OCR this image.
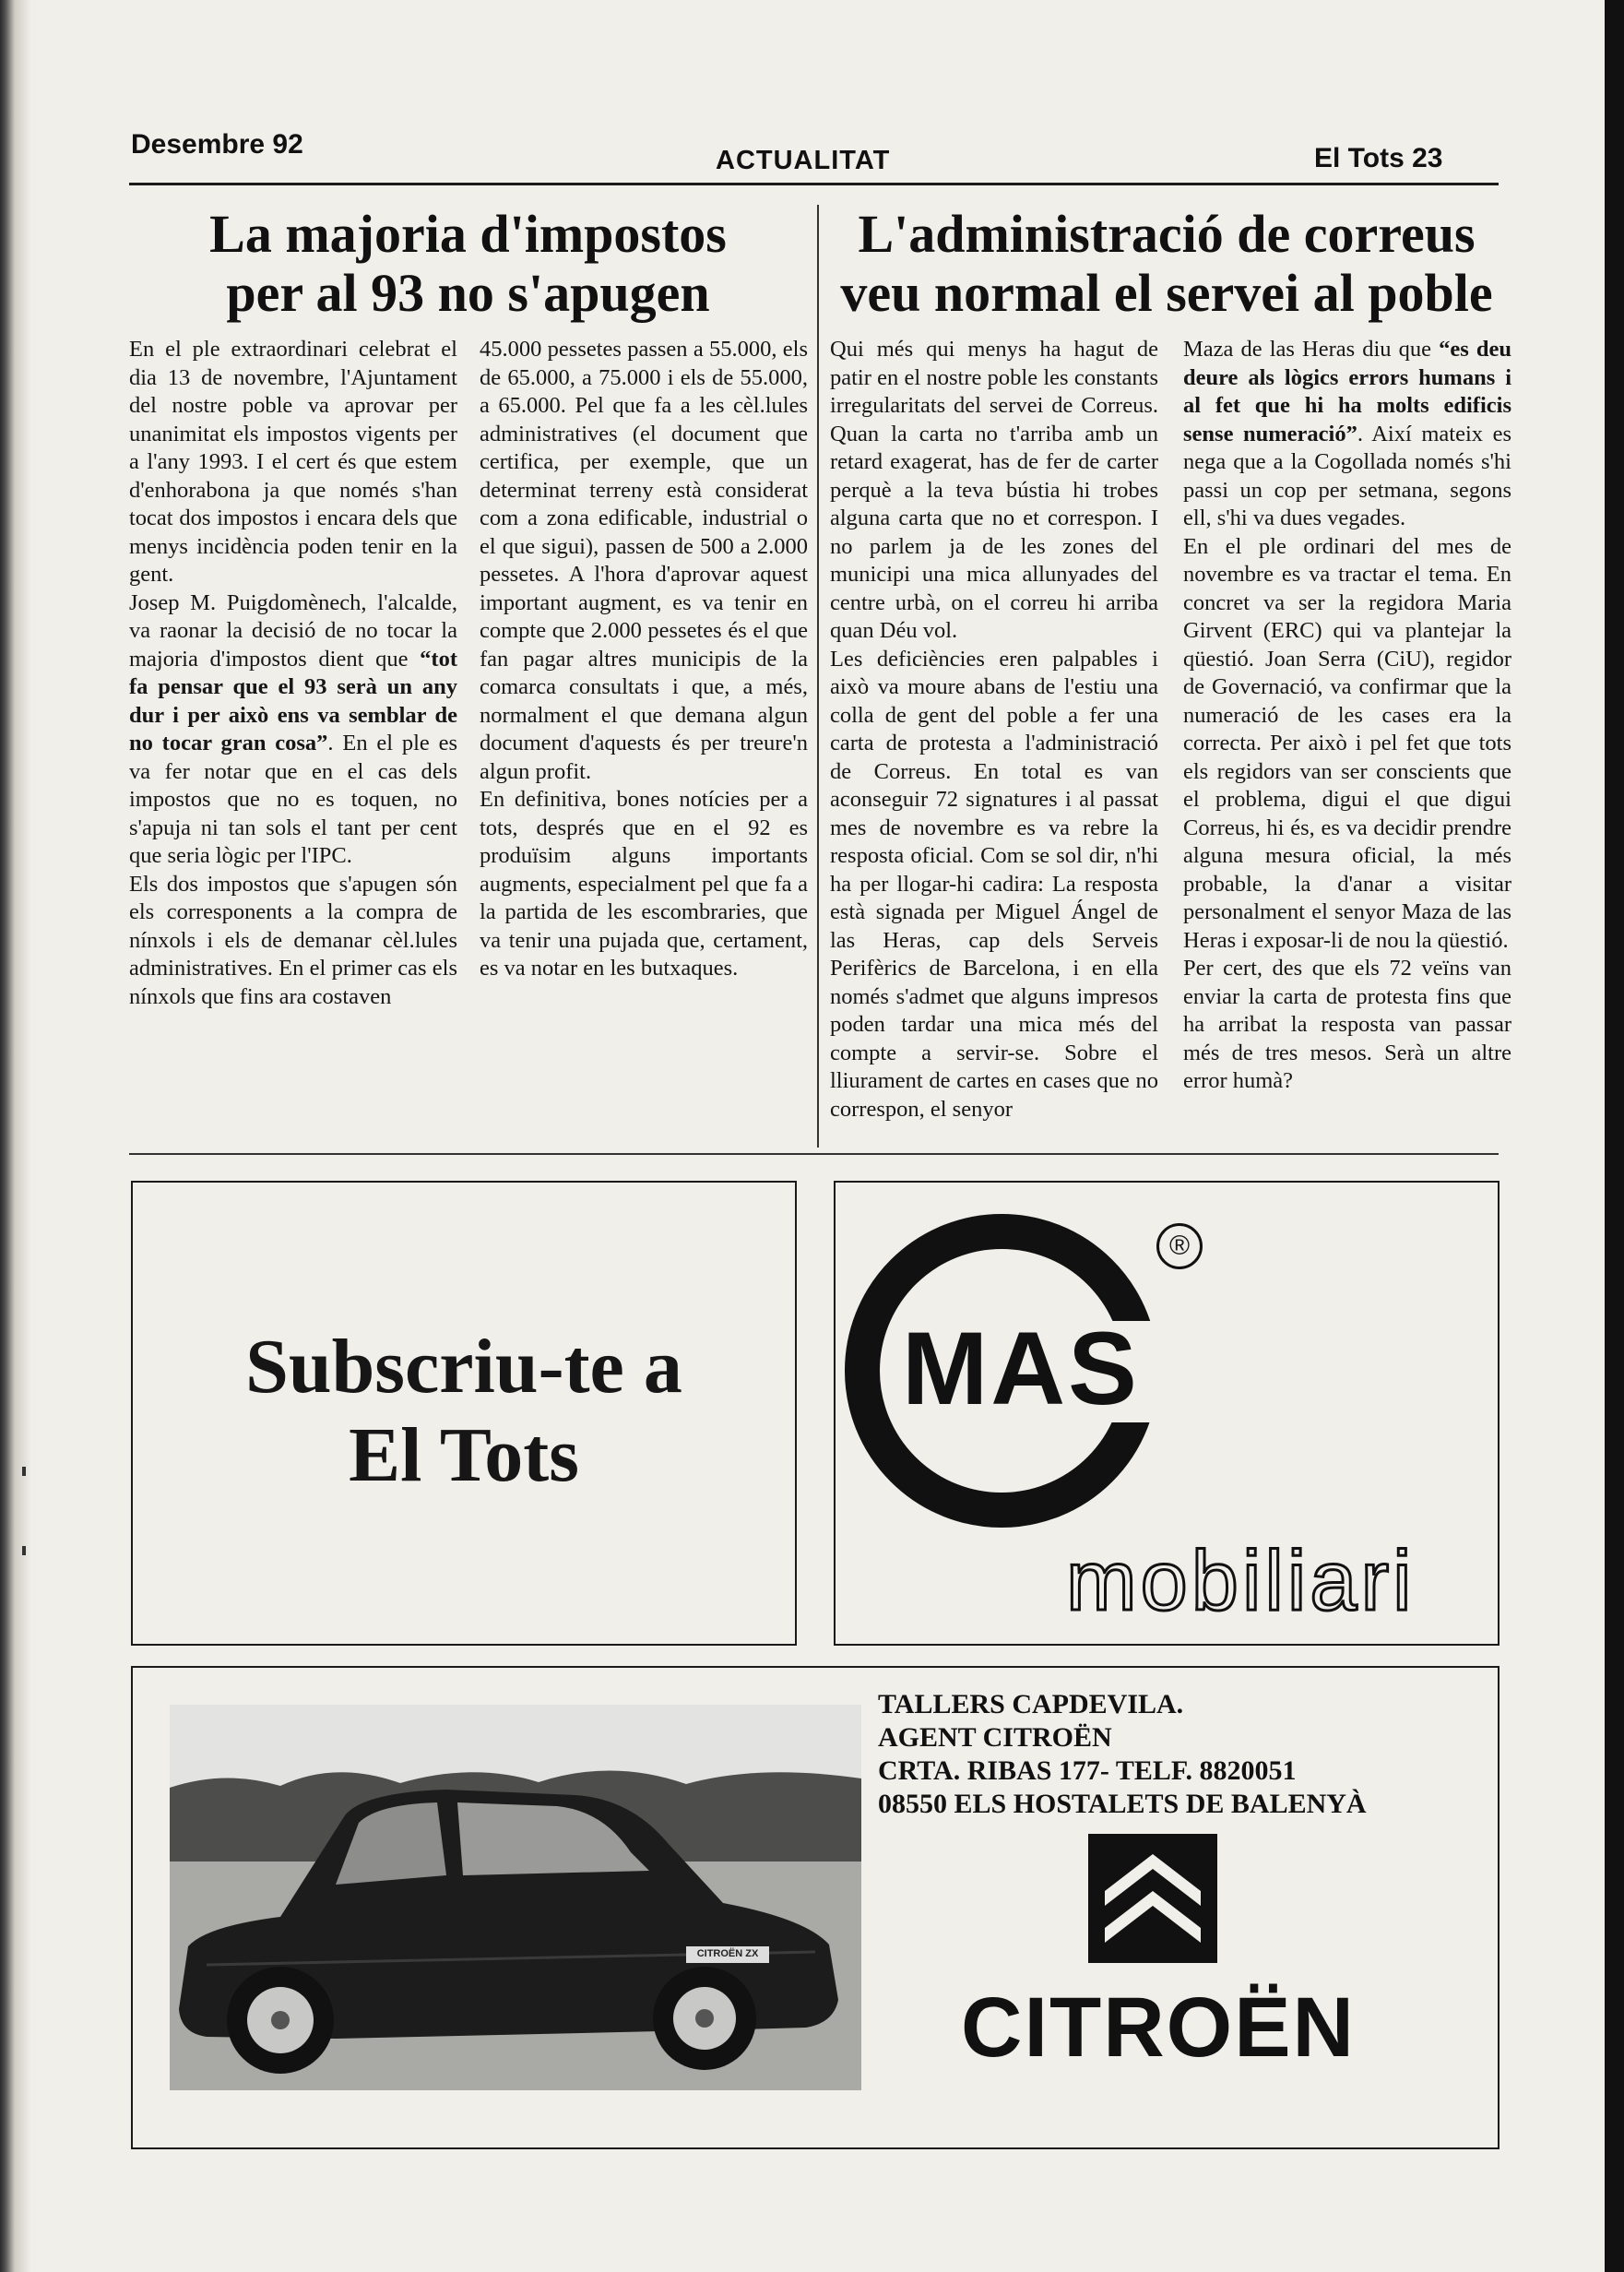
Desembre 92
ACTUALITAT	El Tots 23
La majoria d'impostos
per al 93 no s'apugen

En el ple extraordinari celebrat el dia 13 de novembre, l'Ajuntament del nostre poble va aprovar per unanimitat els impostos vigents per a l'any 1993. I el cert és que estem d'enhorabona ja que només s'han tocat dos impostos i encara dels que menys incidència poden tenir en la gent.

Josep M. Puigdomènech, l'alcalde, va raonar la decisió de no tocar la majoria d'impostos dient que “tot fa pensar que el 93 serà un any dur i per això ens va semblar de no tocar gran cosa”. En el ple es va fer notar que en el cas dels impostos que no es toquen, no s'apuja ni tan sols el tant per cent que seria lògic per l'IPC.

Els dos impostos que s'apugen són els corresponents a la compra de nínxols i els de demanar cèl.lules administratives. En el primer cas els nínxols que fins ara costaven

45.000 pessetes passen a 55.000, els de 65.000, a 75.000 i els de 55.000, a 65.000. Pel que fa a les cèl.lules administratives (el document que certifica, per exemple, que un determinat terreny està considerat com a zona edificable, industrial o el que sigui), passen de 500 a 2.000 pessetes. A l'hora d'aprovar aquest important augment, es va tenir en compte que 2.000 pessetes és el que fan pagar altres municipis de la comarca consultats i que, a més, normalment el que demana algun document d'aquests és per treure'n algun profit.

En definitiva, bones notícies per a tots, després que en el 92 es produïsim alguns importants augments, especialment pel que fa a la partida de les escombraries, que va tenir una pujada que, certament, es va notar en les butxaques.

L'administració de correus
veu normal el servei al poble

Qui més qui menys ha hagut de patir en el nostre poble les constants irregularitats del servei de Correus. Quan la carta no t'arriba amb un retard exagerat, has de fer de carter perquè a la teva bústia hi trobes alguna carta que no et correspon. I no parlem ja de les zones del municipi una mica allunyades del centre urbà, on el correu hi arriba quan Déu vol.

Les deficiències eren palpables i això va moure abans de l'estiu una colla de gent del poble a fer una carta de protesta a l'administració de Correus. En total es van aconseguir 72 signatures i al passat mes de novembre es va rebre la resposta oficial. Com se sol dir, n'hi ha per llogar-hi cadira: La resposta està signada per Miguel Ángel de las Heras, cap dels Serveis Perifèrics de Barcelona, i en ella només s'admet que alguns impresos poden tardar una mica més del compte a servir-se. Sobre el lliurament de cartes en cases que no correspon, el senyor

Maza de las Heras diu que “es deu deure als lògics errors humans i al fet que hi ha molts edificis sense numeració”. Així mateix es nega que a la Cogollada només s'hi passi un cop per setmana, segons ell, s'hi va dues vegades.

En el ple ordinari del mes de novembre es va tractar el tema. En concret va ser la regidora Maria Girvent (ERC) qui va plantejar la qüestió. Joan Serra (CiU), regidor de Governació, va confirmar que la numeració de les cases era la correcta. Per això i pel fet que tots els regidors van ser conscients que el problema, digui el que digui Correus, hi és, es va decidir prendre alguna mesura oficial, la més probable, la d'anar a visitar personalment el senyor Maza de las Heras i exposar-li de nou la qüestió.

Per cert, des que els 72 veïns van enviar la carta de protesta fins que ha arribat la resposta van passar més de tres mesos. Serà un altre error humà?

Subscriu-te a
El Tots
MAS
®
mobiliari
CITROËN ZX
TALLERS CAPDEVILA.
AGENT CITROËN
CRTA. RIBAS 177- TELF. 8820051
08550 ELS HOSTALETS DE BALENYÀ
CITROËN
